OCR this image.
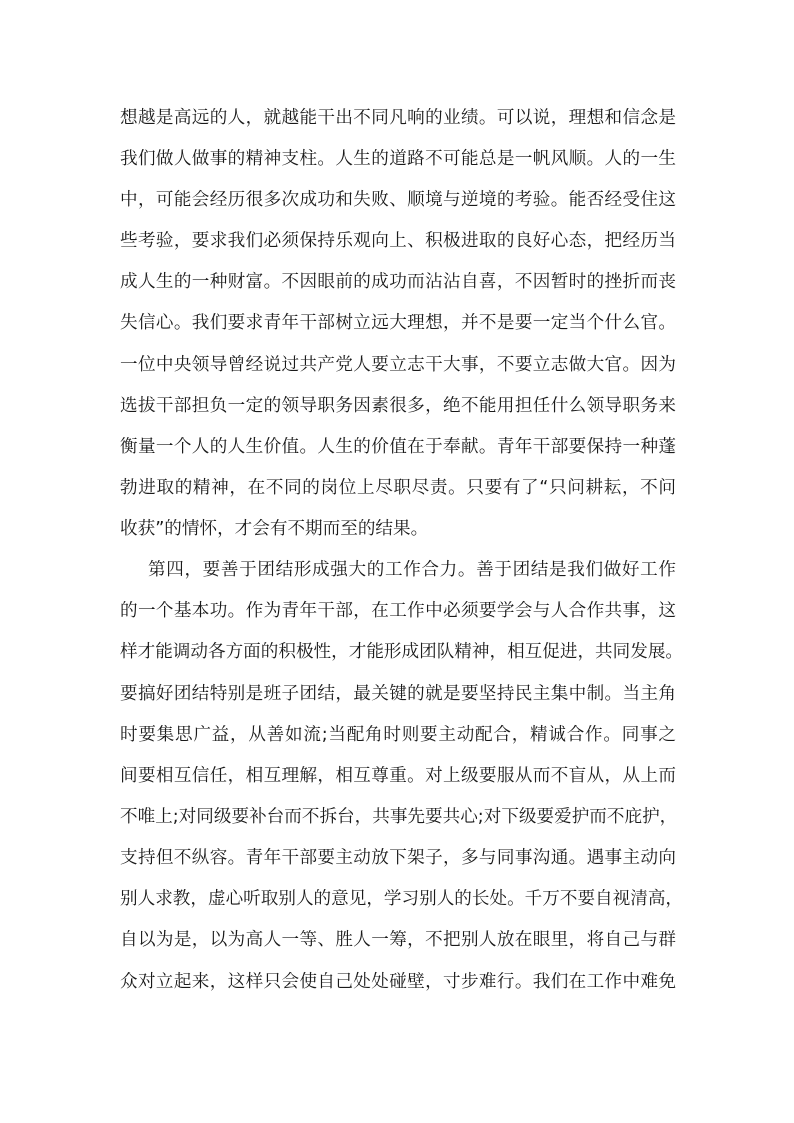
想越是高远的人，就越能干出不同凡响的业绩。可以说，理想和信念是

我们做人做事的精神支柱。人生的道路不可能总是一帆风顺。人的一生

中，可能会经历很多次成功和失败、顺境与逆境的考验。能否经受住这

些考验，要求我们必须保持乐观向上、积极进取的良好心态，把经历当

成人生的一种财富。不因眼前的成功而沾沾自喜，不因暂时的挫折而丧

失信心。我们要求青年干部树立远大理想，并不是要一定当个什么官。

一位中央领导曾经说过共产党人要立志干大事，不要立志做大官。因为

选拔干部担负一定的领导职务因素很多，绝不能用担任什么领导职务来

衡量一个人的人生价值。人生的价值在于奉献。青年干部要保持一种蓬

勃进取的精神，在不同的岗位上尽职尽责。只要有了“只问耕耘，不问

收获”的情怀，才会有不期而至的结果。

第四，要善于团结形成强大的工作合力。善于团结是我们做好工作

的一个基本功。作为青年干部，在工作中必须要学会与人合作共事，这

样才能调动各方面的积极性，才能形成团队精神，相互促进，共同发展。

要搞好团结特别是班子团结，最关键的就是要坚持民主集中制。当主角

时要集思广益，从善如流;当配角时则要主动配合，精诚合作。同事之

间要相互信任，相互理解，相互尊重。对上级要服从而不盲从，从上而

不唯上;对同级要补台而不拆台，共事先要共心;对下级要爱护而不庇护，

支持但不纵容。青年干部要主动放下架子，多与同事沟通。遇事主动向

别人求教，虚心听取别人的意见，学习别人的长处。千万不要自视清高，

自以为是，以为高人一等、胜人一筹，不把别人放在眼里，将自己与群

众对立起来，这样只会使自己处处碰壁，寸步难行。我们在工作中难免
